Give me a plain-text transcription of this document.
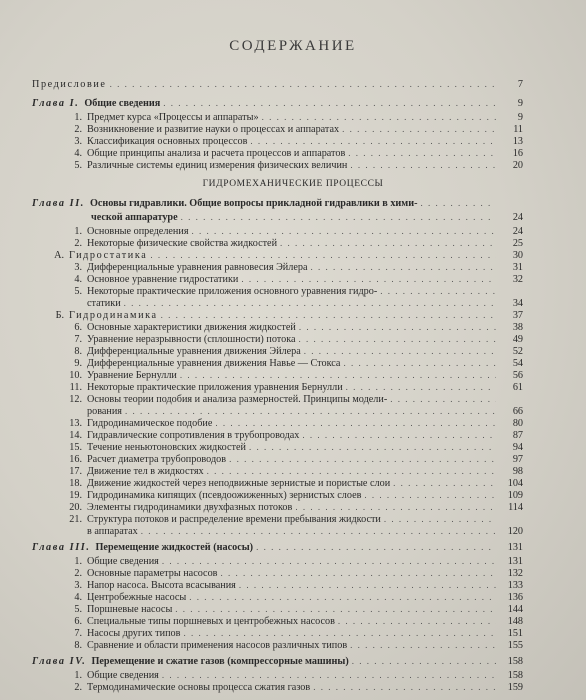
СОДЕРЖАНИЕ
Предисловие . . .	7
Глава I. Общие сведения . . .	9
1. Предмет курса «Процессы и аппараты» . . .	9
2. Возникновение и развитие науки о процессах и аппаратах . . .	11
3. Классификация основных процессов . . .	13
4. Общие принципы анализа и расчета процессов и аппаратов . . .	16
5. Различные системы единиц измерения физических величин . . .	20
ГИДРОМЕХАНИЧЕСКИЕ ПРОЦЕССЫ
Глава II. Основы гидравлики. Общие вопросы прикладной гидравлики в хими-
. . .
ческой аппаратуре . . .	24
1. Основные определения . . .	24
2. Некоторые физические свойства жидкостей . . .	25
А. Гидростатика . . .	30
3. Дифференциальные уравнения равновесия Эйлера . . .	31
4. Основное уравнение гидростатики . . .	32
5. Некоторые практические приложения основного уравнения гидро-
. . .
статики . . .	34
Б. Гидродинамика . . .	37
6. Основные характеристики движения жидкостей . . .	38
7. Уравнение неразрывности (сплошности) потока . . .	49
8. Дифференциальные уравнения движения Эйлера . . .	52
9. Дифференциальные уравнения движения Навье — Стокса . . .	54
10. Уравнение Бернулли . . .	56
11. Некоторые практические приложения уравнения Бернулли . . .	61
12. Основы теории подобия и анализа размерностей. Принципы модели-
. . .
рования . . .	66
13. Гидродинамическое подобие . . .	80
14. Гидравлические сопротивления в трубопроводах . . .	87
15. Течение неньютоновских жидкостей . . .	94
16. Расчет диаметра трубопроводов . . .	97
17. Движение тел в жидкостях . . .	98
18. Движение жидкостей через неподвижные зернистые и пористые слои . . .	104
19. Гидродинамика кипящих (псевдоожиженных) зернистых слоев . . .	109
20. Элементы гидродинамики двухфазных потоков . . .	114
21. Структура потоков и распределение времени пребывания жидкости
. . .
в аппаратах . . .	120
Глава III. Перемещение жидкостей (насосы) . . .	131
1. Общие сведения . . .	131
2. Основные параметры насосов . . .	132
3. Напор насоса. Высота всасывания . . .	133
4. Центробежные насосы . . .	136
5. Поршневые насосы . . .	144
6. Специальные типы поршневых и центробежных насосов . . .	148
7. Насосы других типов . . .	151
8. Сравнение и области применения насосов различных типов . . .	155
Глава IV. Перемещение и сжатие газов (компрессорные машины) . . .	158
1. Общие сведения . . .	158
2. Термодинамические основы процесса сжатия газов . . .	159
